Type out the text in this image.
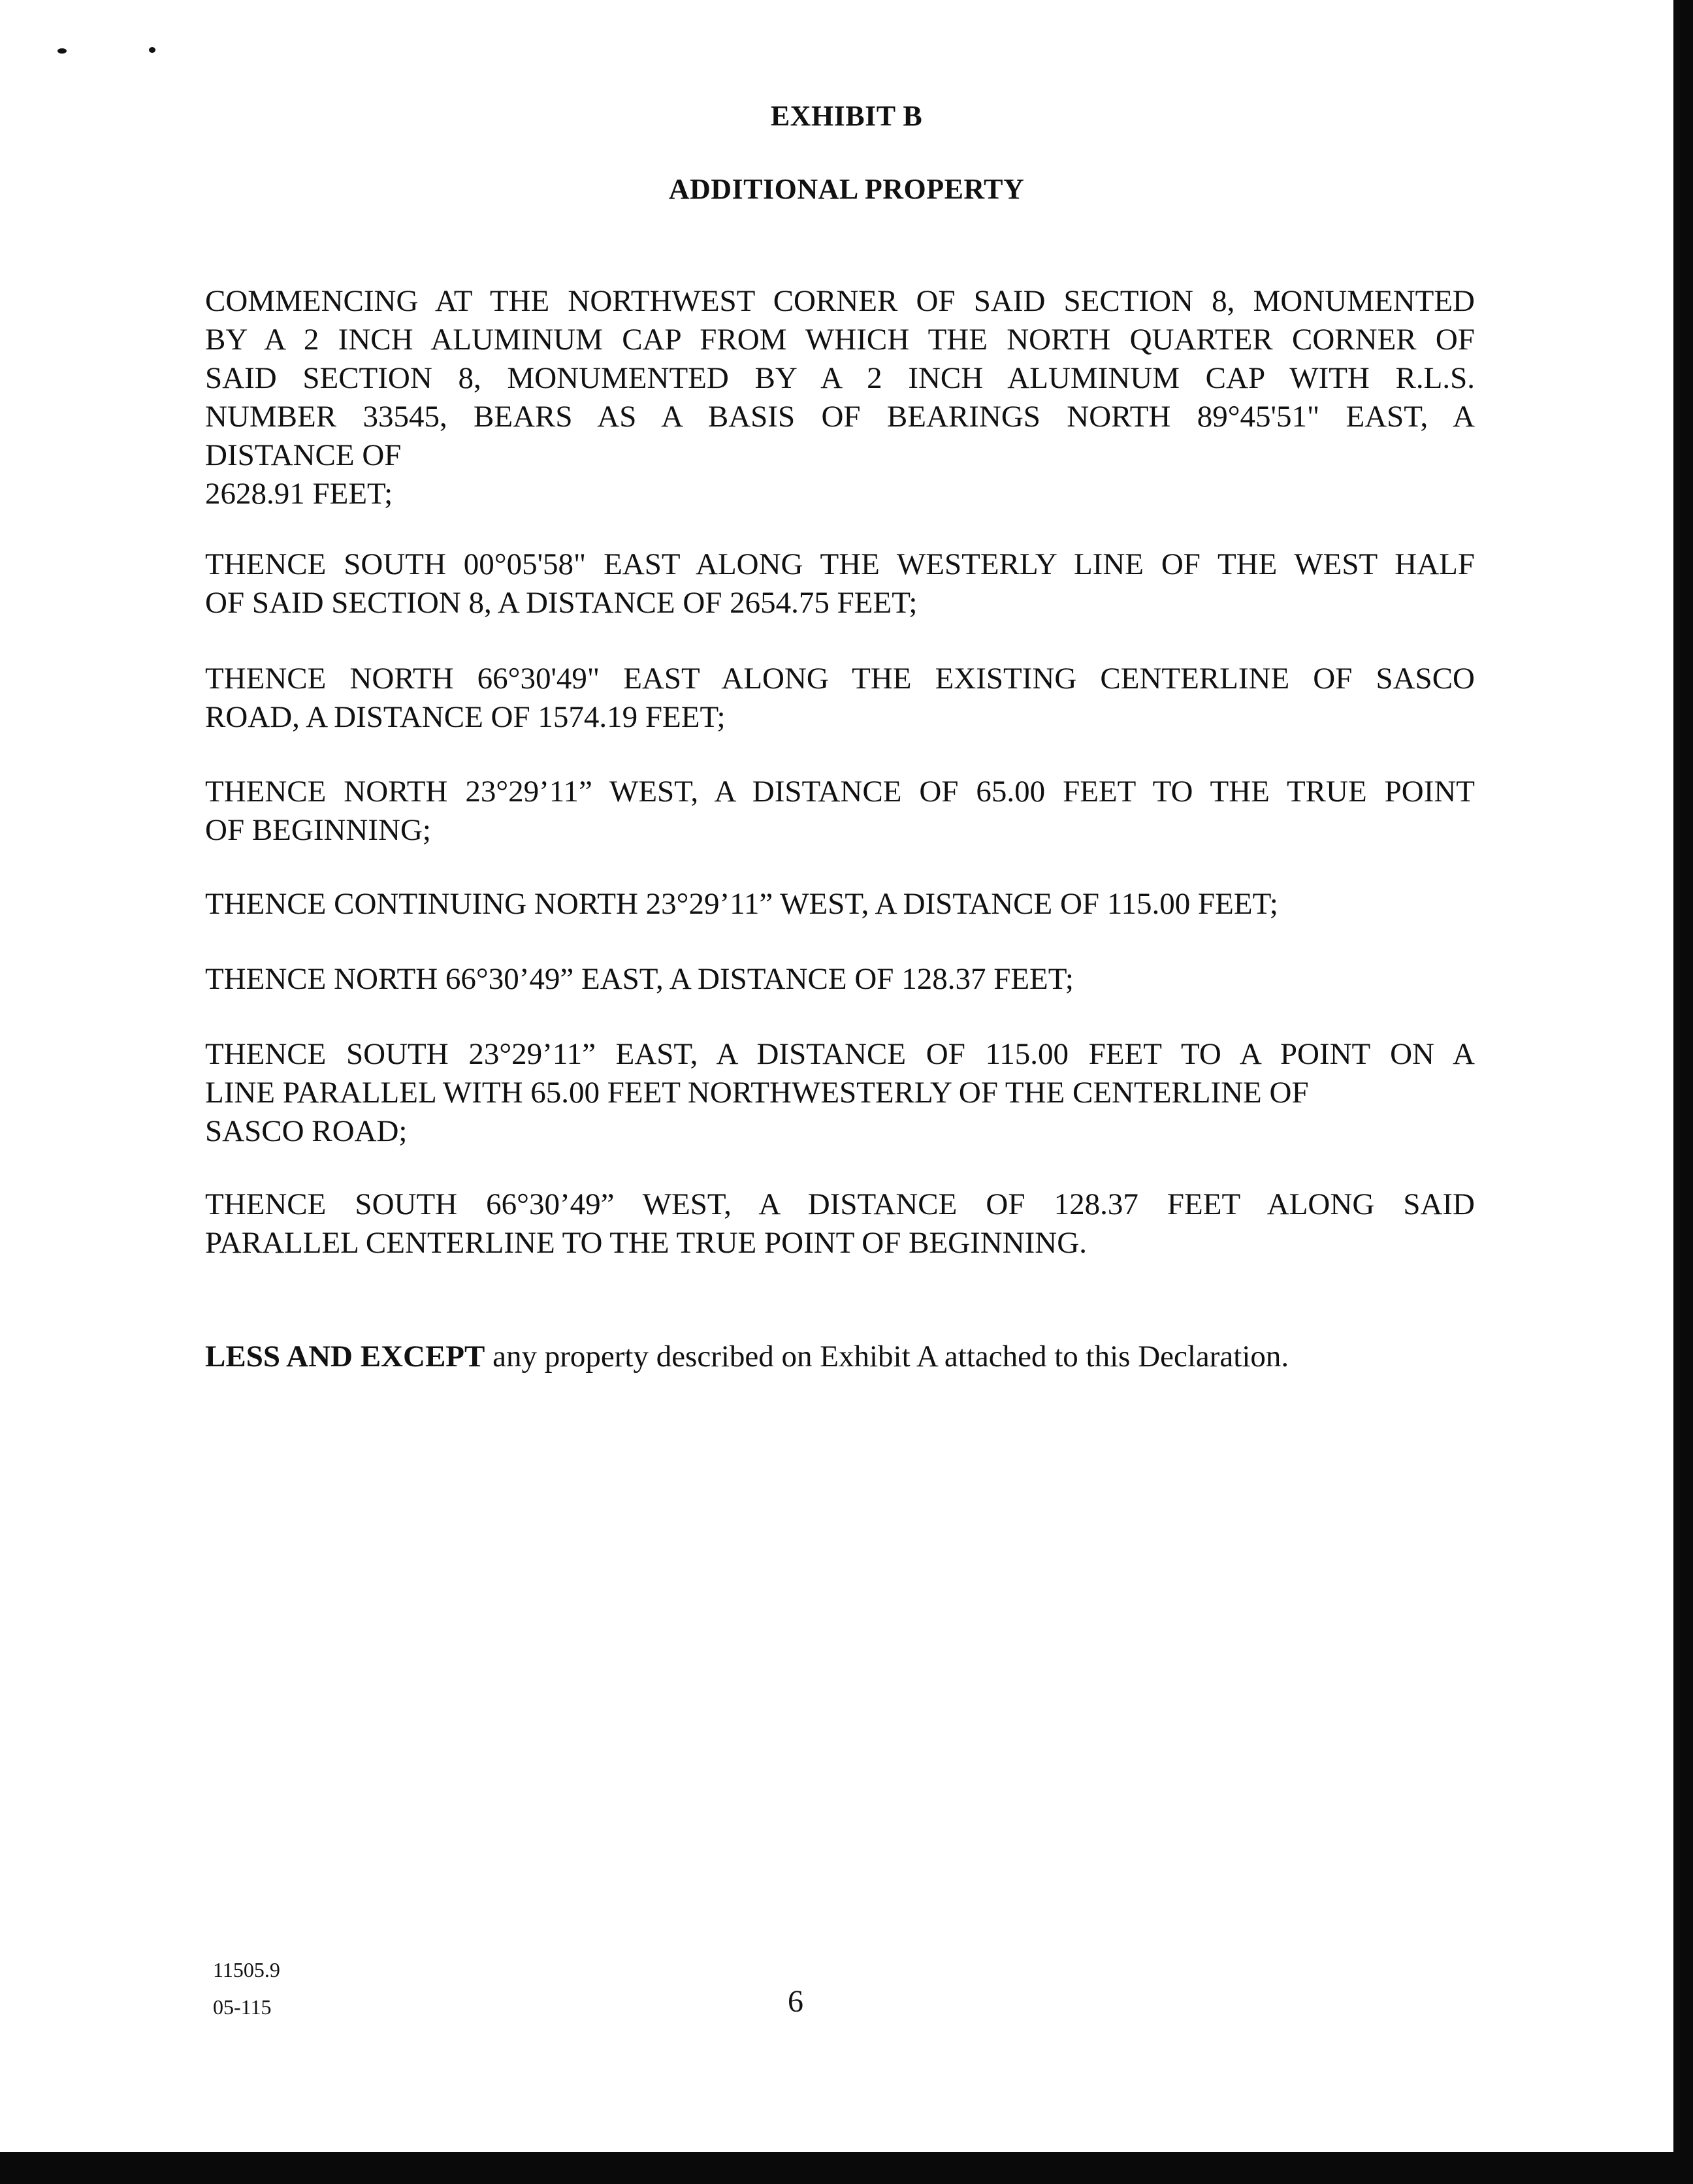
EXHIBIT B
ADDITIONAL PROPERTY
COMMENCING AT THE NORTHWEST CORNER OF SAID SECTION 8, MONUMENTED
BY A 2 INCH ALUMINUM CAP FROM WHICH THE NORTH QUARTER CORNER OF
SAID SECTION 8, MONUMENTED BY A 2 INCH ALUMINUM CAP WITH R.L.S.
NUMBER 33545, BEARS AS A BASIS OF BEARINGS NORTH 89°45'51" EAST, A
DISTANCE OF
2628.91 FEET;
THENCE SOUTH 00°05'58" EAST ALONG THE WESTERLY LINE OF THE WEST HALF
OF SAID SECTION 8, A DISTANCE OF 2654.75 FEET;
THENCE NORTH 66°30'49" EAST ALONG THE EXISTING CENTERLINE OF SASCO
ROAD, A DISTANCE OF 1574.19 FEET;
THENCE NORTH 23°29’11” WEST, A DISTANCE OF 65.00 FEET TO THE TRUE POINT
OF BEGINNING;
THENCE CONTINUING NORTH 23°29’11” WEST, A DISTANCE OF 115.00 FEET;
THENCE NORTH 66°30’49” EAST, A DISTANCE OF 128.37 FEET;
THENCE SOUTH 23°29’11” EAST, A DISTANCE OF 115.00 FEET TO A POINT ON A
LINE PARALLEL WITH 65.00 FEET NORTHWESTERLY OF THE CENTERLINE OF
SASCO ROAD;
THENCE SOUTH 66°30’49” WEST, A DISTANCE OF 128.37 FEET ALONG SAID
PARALLEL CENTERLINE TO THE TRUE POINT OF BEGINNING.
LESS AND EXCEPT any property described on Exhibit A attached to this Declaration.
11505.9
05-115	6
